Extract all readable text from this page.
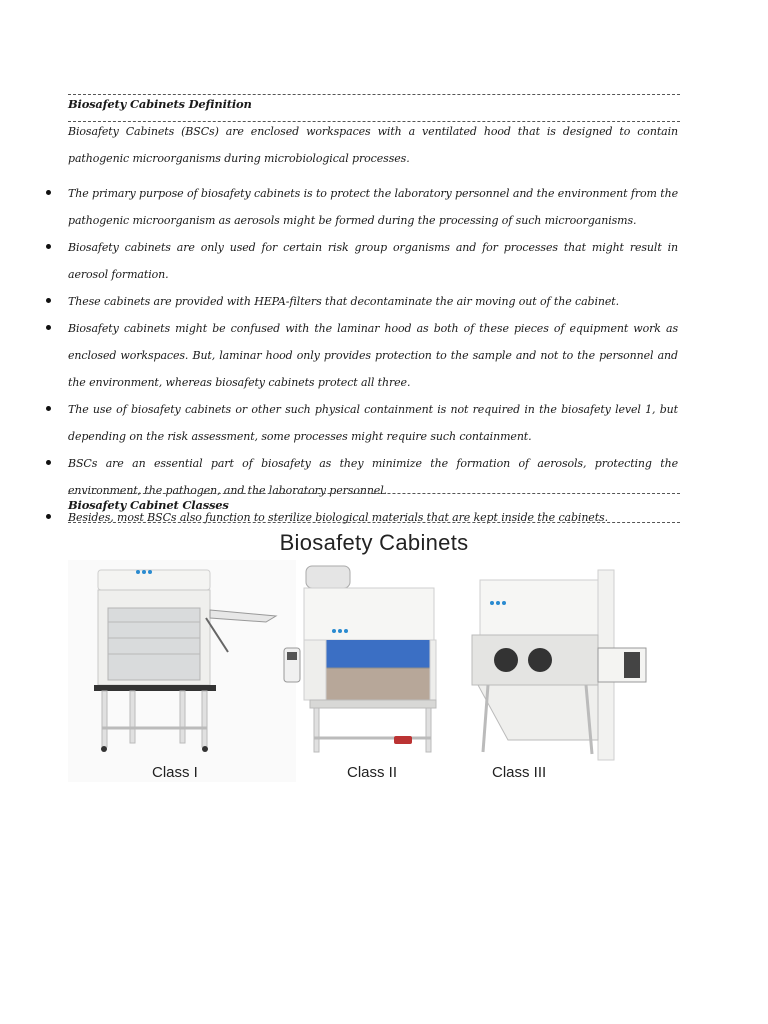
Biosafety Cabinets Definition
Biosafety Cabinets (BSCs) are enclosed workspaces with a ventilated hood that is designed to contain pathogenic microorganisms during microbiological processes.
The primary purpose of biosafety cabinets is to protect the laboratory personnel and the environment from the pathogenic microorganism as aerosols might be formed during the processing of such microorganisms.
Biosafety cabinets are only used for certain risk group organisms and for processes that might result in aerosol formation.
These cabinets are provided with HEPA-filters that decontaminate the air moving out of the cabinet.
Biosafety cabinets might be confused with the laminar hood as both of these pieces of equipment work as enclosed workspaces. But, laminar hood only provides protection to the sample and not to the personnel and the environment, whereas biosafety cabinets protect all three.
The use of biosafety cabinets or other such physical containment is not required in the biosafety level 1, but depending on the risk assessment, some processes might require such containment.
BSCs are an essential part of biosafety as they minimize the formation of aerosols, protecting the environment, the pathogen, and the laboratory personnel.
Besides, most BSCs also function to sterilize biological materials that are kept inside the cabinets.
Biosafety Cabinet Classes
Biosafety Cabinets
Class I	Class II	Class III
